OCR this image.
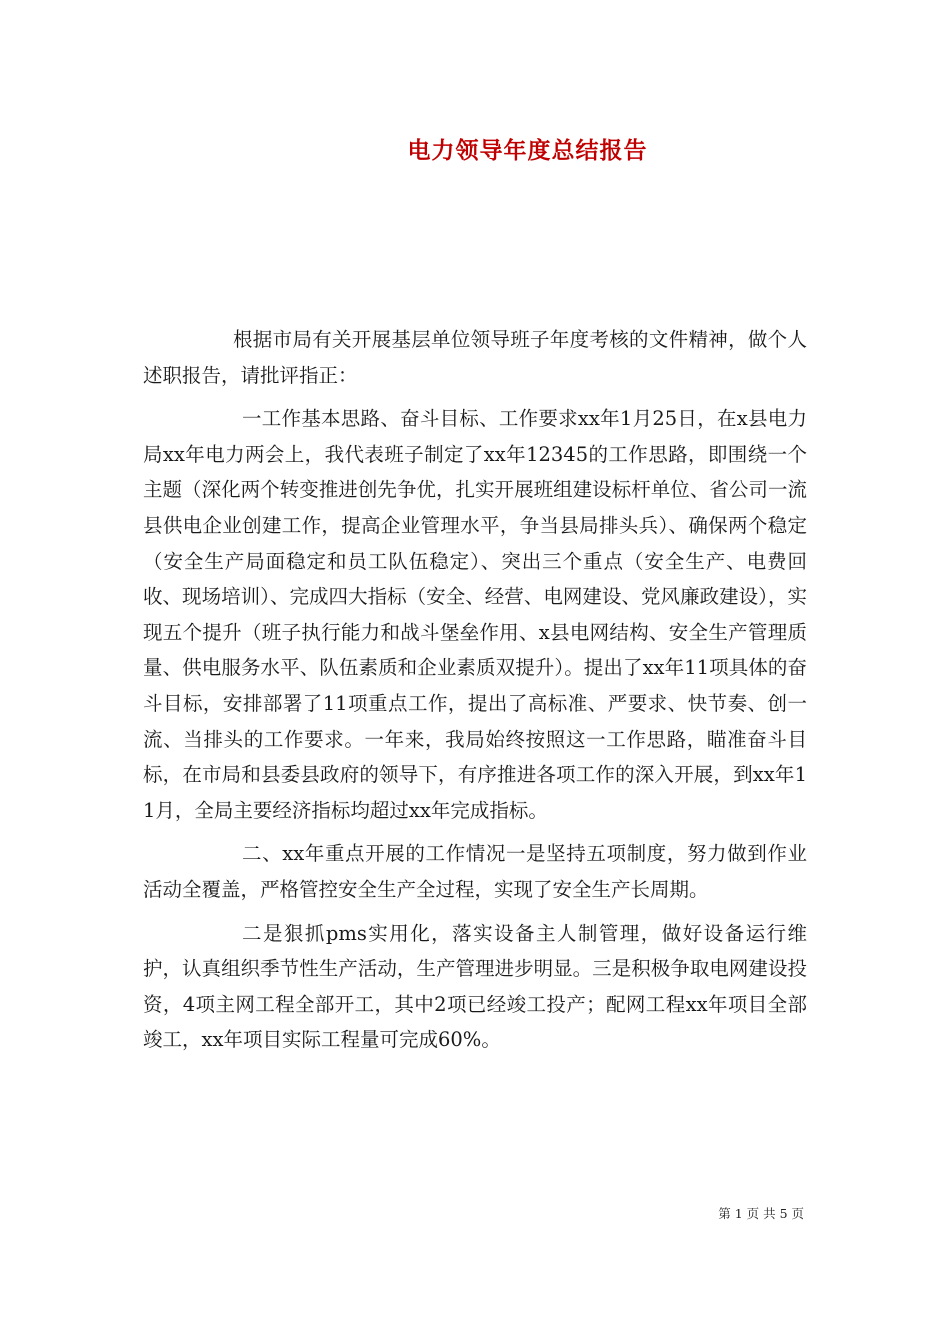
电力领导年度总结报告

根据市局有关开展基层单位领导班子年度考核的文件精神，做个人述职报告，请批评指正：

一工作基本思路、奋斗目标、工作要求xx年1月25日，在x县电力局xx年电力两会上，我代表班子制定了xx年12345的工作思路，即围绕一个主题（深化两个转变推进创先争优，扎实开展班组建设标杆单位、省公司一流县供电企业创建工作，提高企业管理水平，争当县局排头兵）、确保两个稳定（安全生产局面稳定和员工队伍稳定）、突出三个重点（安全生产、电费回收、现场培训）、完成四大指标（安全、经营、电网建设、党风廉政建设），实现五个提升（班子执行能力和战斗堡垒作用、x县电网结构、安全生产管理质量、供电服务水平、队伍素质和企业素质双提升）。提出了xx年11项具体的奋斗目标，安排部署了11项重点工作，提出了高标准、严要求、快节奏、创一流、当排头的工作要求。一年来，我局始终按照这一工作思路，瞄准奋斗目标，在市局和县委县政府的领导下，有序推进各项工作的深入开展，到xx年11月，全局主要经济指标均超过xx年完成指标。

二、xx年重点开展的工作情况一是坚持五项制度，努力做到作业活动全覆盖，严格管控安全生产全过程，实现了安全生产长周期。

二是狠抓pms实用化，落实设备主人制管理，做好设备运行维护，认真组织季节性生产活动，生产管理进步明显。三是积极争取电网建设投资，4项主网工程全部开工，其中2项已经竣工投产；配网工程xx年项目全部竣工，xx年项目实际工程量可完成60%。

第 1 页 共 5 页
